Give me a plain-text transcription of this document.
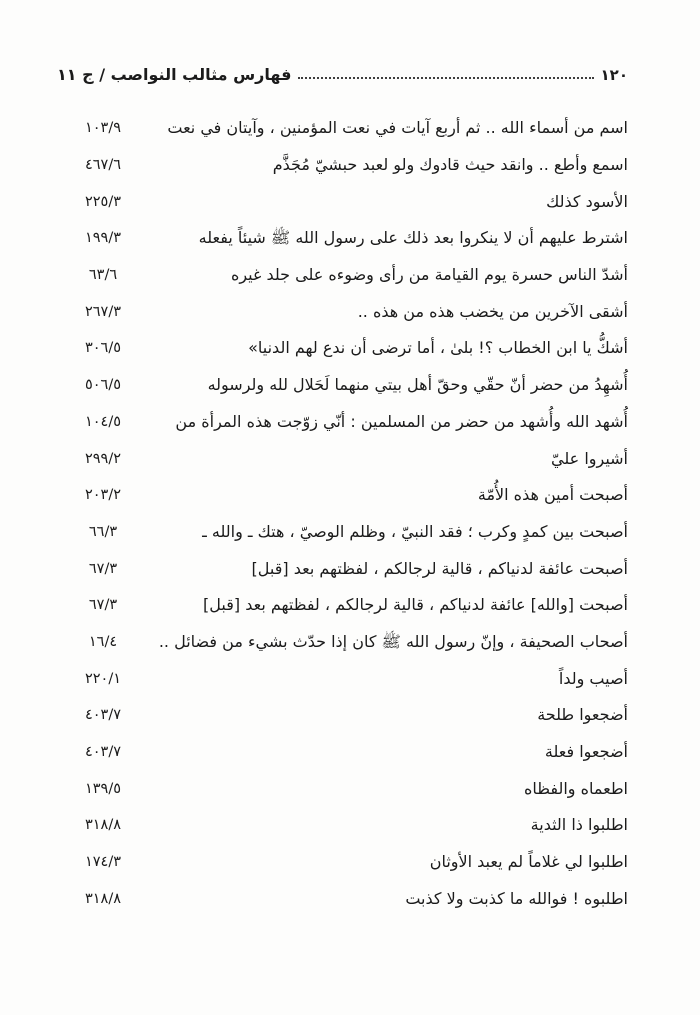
فهارس مثالب النواصب / ج ١١	١٢٠
اسم من أسماء الله .. ثم أربع آيات في نعت المؤمنين ، وآيتان في نعت
١٠٣/٩
اسمع وأطع .. وانقد حيث قادوك ولو لعبد حبشيّ مُجَذَّم
٤٦٧/٦
الأسود كذلك
٢٢٥/٣
اشترط عليهم أن لا ينكروا بعد ذلك على رسول الله ﷺ شيئاً يفعله
١٩٩/٣
أشدّ الناس حسرة يوم القيامة من رأى وضوءه على جلد غيره
٦٣/٦
أشقى الآخرين من يخضب هذه من هذه ..
٢٦٧/٣
أشكُّ يا ابن الخطاب ؟! بلىٰ ، أما ترضى أن ندع لهم الدنيا»
٣٠٦/٥
أُشهِدُ من حضر أنّ حقّي وحقّ أهل بيتي منهما لَحَلال لله ولرسوله
٥٠٦/٥
أُشهد الله وأُشهد من حضر من المسلمين : أنّي زوّجت هذه المرأة من
١٠٤/٥
أشيروا عليّ
٢٩٩/٢
أصبحت أمين هذه الأُمّة
٢٠٣/٢
أصبحت بين كمدٍ وكرب ؛ فقد النبيّ ، وظلم الوصيّ ، هتك ـ والله ـ
٦٦/٣
أصبحت عائفة لدنياكم ، قالية لرجالكم ، لفظتهم بعد [قبل]
٦٧/٣
أصبحت [والله] عائفة لدنياكم ، قالية لرجالكم ، لفظتهم بعد [قبل]
٦٧/٣
أصحاب الصحيفة ، وإنّ رسول الله ﷺ كان إذا حدّث بشيء من فضائل ..
١٦/٤
أصيب ولداً
٢٢٠/١
أضجعوا طلحة
٤٠٣/٧
أضجعوا فعلة
٤٠٣/٧
اطعماه والفظاه
١٣٩/٥
اطلبوا ذا الثدية
٣١٨/٨
اطلبوا لي غلاماً لم يعبد الأوثان
١٧٤/٣
اطلبوه ! فوالله ما كذبت ولا كذبت
٣١٨/٨
